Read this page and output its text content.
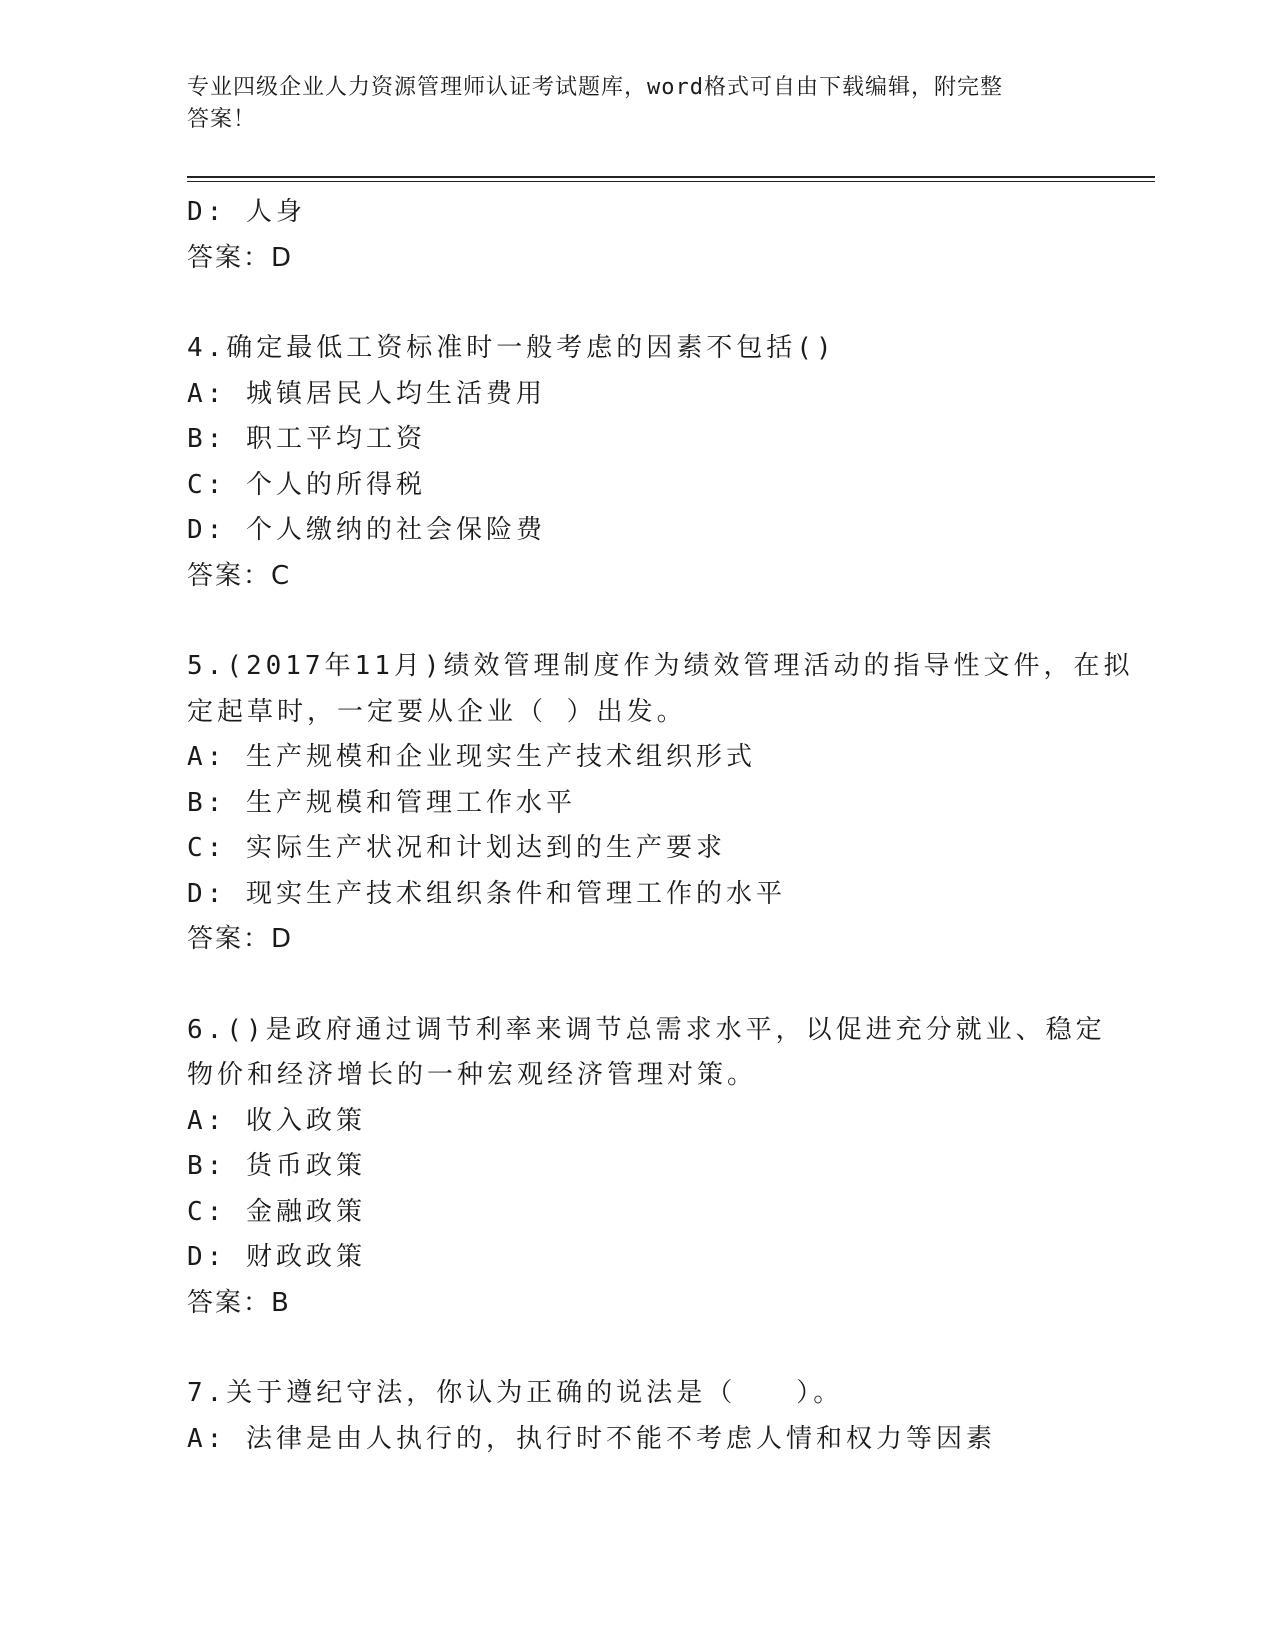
专业四级企业人力资源管理师认证考试题库，word格式可自由下载编辑，附完整
答案！
D: 人身
答案：D
4.确定最低工资标准时一般考虑的因素不包括()
A: 城镇居民人均生活费用
B: 职工平均工资
C: 个人的所得税
D: 个人缴纳的社会保险费
答案：C
5.(2017年11月)绩效管理制度作为绩效管理活动的指导性文件，在拟
定起草时，一定要从企业（ ）出发。
A: 生产规模和企业现实生产技术组织形式
B: 生产规模和管理工作水平
C: 实际生产状况和计划达到的生产要求
D: 现实生产技术组织条件和管理工作的水平
答案：D
6.()是政府通过调节利率来调节总需求水平，以促进充分就业、稳定
物价和经济增长的一种宏观经济管理对策。
A: 收入政策
B: 货币政策
C: 金融政策
D: 财政政策
答案：B
7.关于遵纪守法，你认为正确的说法是（　　）。
A: 法律是由人执行的，执行时不能不考虑人情和权力等因素
